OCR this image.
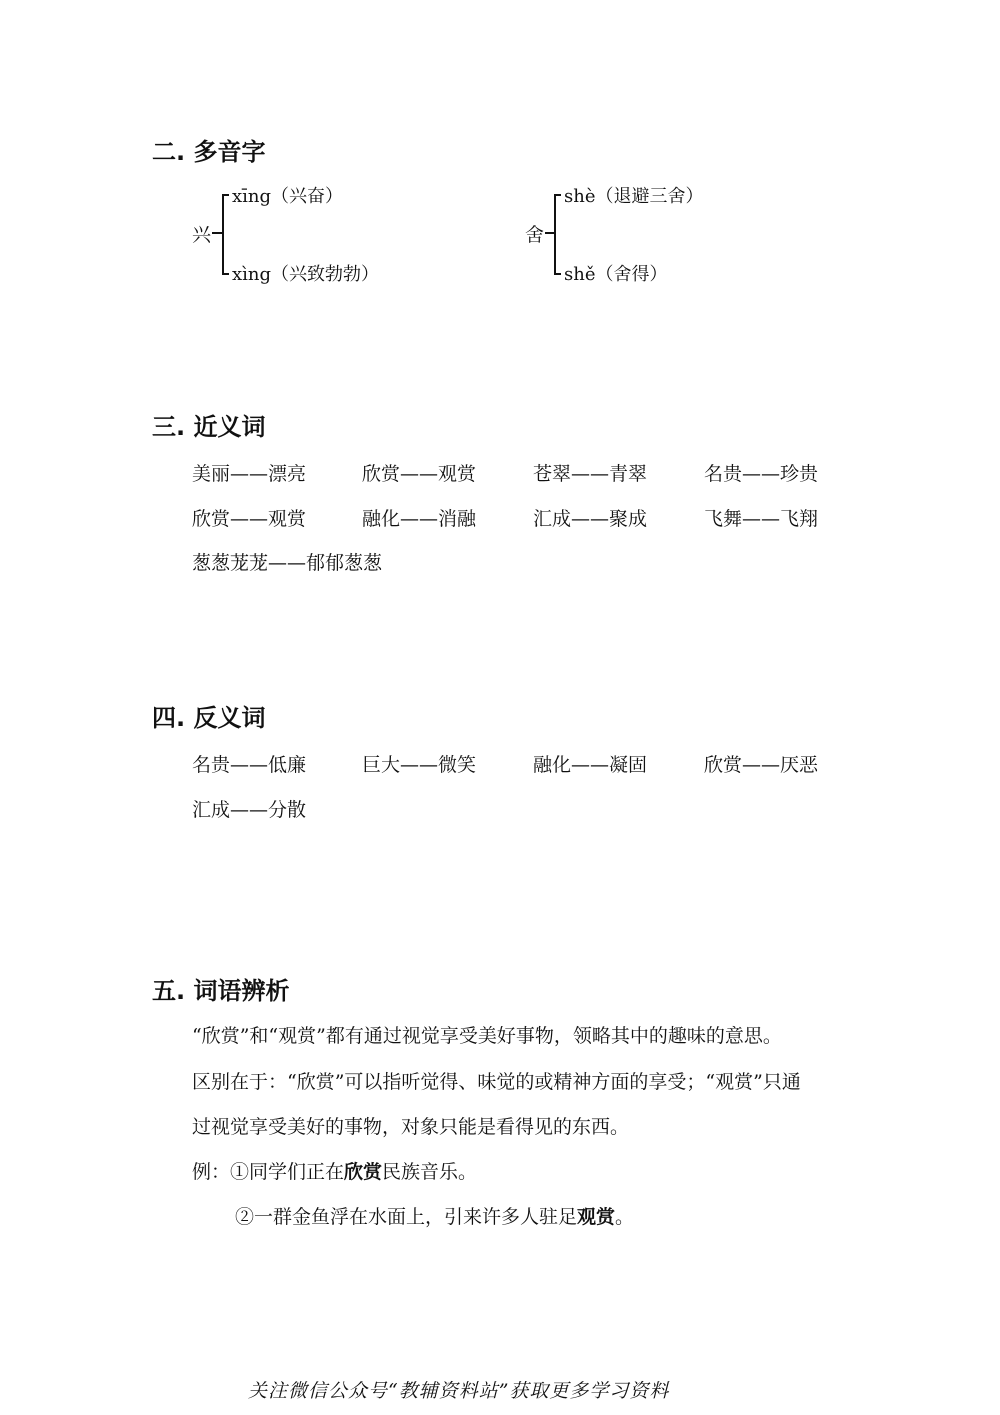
二. 多音字
兴
xīng（兴奋）
xìng（兴致勃勃）
舍
shè（退避三舍）
shě（舍得）
三. 近义词
美丽——漂亮	欣赏——观赏	苍翠——青翠	名贵——珍贵
欣赏——观赏	融化——消融	汇成——聚成	飞舞——飞翔
葱葱茏茏——郁郁葱葱
四. 反义词
名贵——低廉	巨大——微笑	融化——凝固	欣赏——厌恶
汇成——分散
五. 词语辨析
“欣赏”和“观赏”都有通过视觉享受美好事物，领略其中的趣味的意思。
区别在于：“欣赏”可以指听觉得、味觉的或精神方面的享受；“观赏”只通
过视觉享受美好的事物，对象只能是看得见的东西。
例：①同学们正在欣赏民族音乐。
②一群金鱼浮在水面上，引来许多人驻足观赏。
关注微信公众号“教辅资料站”获取更多学习资料
